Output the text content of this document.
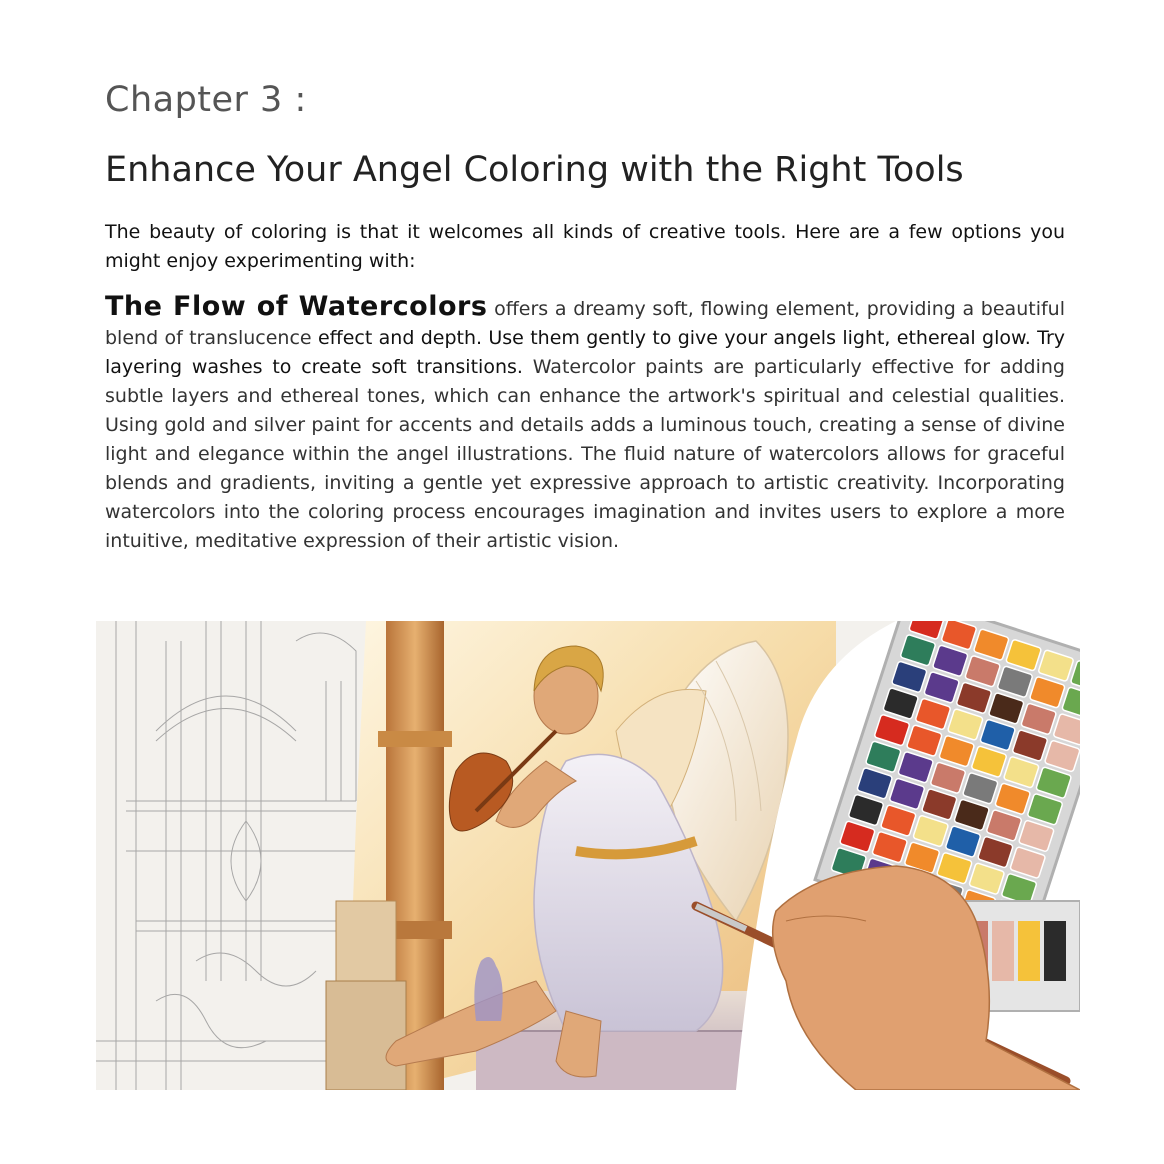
Chapter 3 :
Enhance Your Angel Coloring with the Right Tools

The beauty of coloring is that it welcomes all kinds of creative tools. Here are a few options you might enjoy experimenting with:

The Flow of Watercolors offers a dreamy soft, flowing element, providing a beautiful blend of translucence effect and depth. Use them gently to give your angels light, ethereal glow. Try layering washes to create soft transitions. Watercolor paints are particularly effective for adding subtle layers and ethereal tones, which can enhance the artwork's spiritual and celestial qualities. Using gold and silver paint for accents and details adds a luminous touch, creating a sense of divine light and elegance within the angel illustrations. The fluid nature of watercolors allows for graceful blends and gradients, inviting a gentle yet expressive approach to artistic creativity. Incorporating watercolors into the coloring process encourages imagination and invites users to explore a more intuitive, meditative expression of their artistic vision.
